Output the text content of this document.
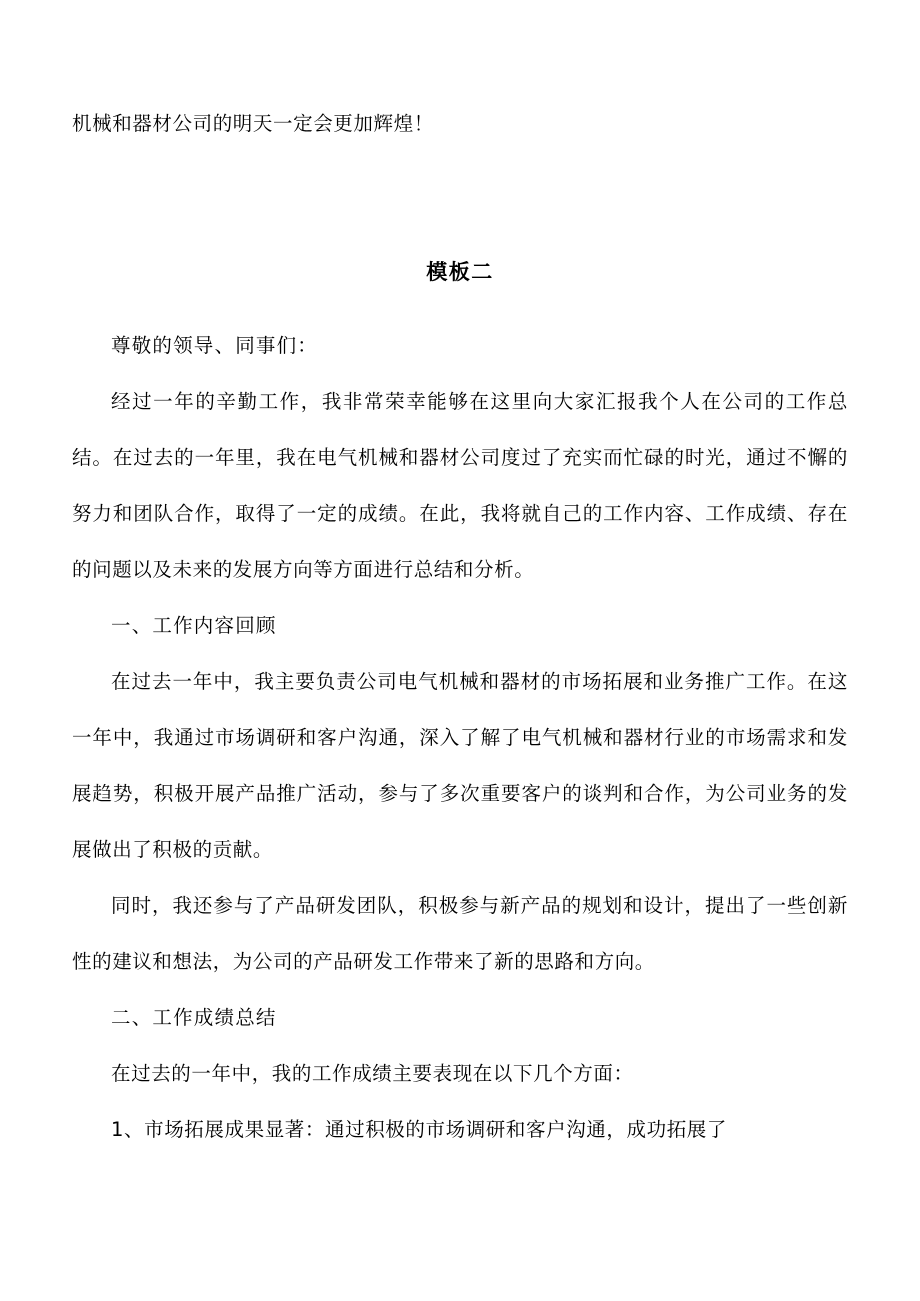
机械和器材公司的明天一定会更加辉煌！

模板二

尊敬的领导、同事们：

经过一年的辛勤工作，我非常荣幸能够在这里向大家汇报我个人在公司的工作总结。在过去的一年里，我在电气机械和器材公司度过了充实而忙碌的时光，通过不懈的努力和团队合作，取得了一定的成绩。在此，我将就自己的工作内容、工作成绩、存在的问题以及未来的发展方向等方面进行总结和分析。

一、工作内容回顾

在过去一年中，我主要负责公司电气机械和器材的市场拓展和业务推广工作。在这一年中，我通过市场调研和客户沟通，深入了解了电气机械和器材行业的市场需求和发展趋势，积极开展产品推广活动，参与了多次重要客户的谈判和合作，为公司业务的发展做出了积极的贡献。

同时，我还参与了产品研发团队，积极参与新产品的规划和设计，提出了一些创新性的建议和想法，为公司的产品研发工作带来了新的思路和方向。

二、工作成绩总结

在过去的一年中，我的工作成绩主要表现在以下几个方面：

1、市场拓展成果显著：通过积极的市场调研和客户沟通，成功拓展了
